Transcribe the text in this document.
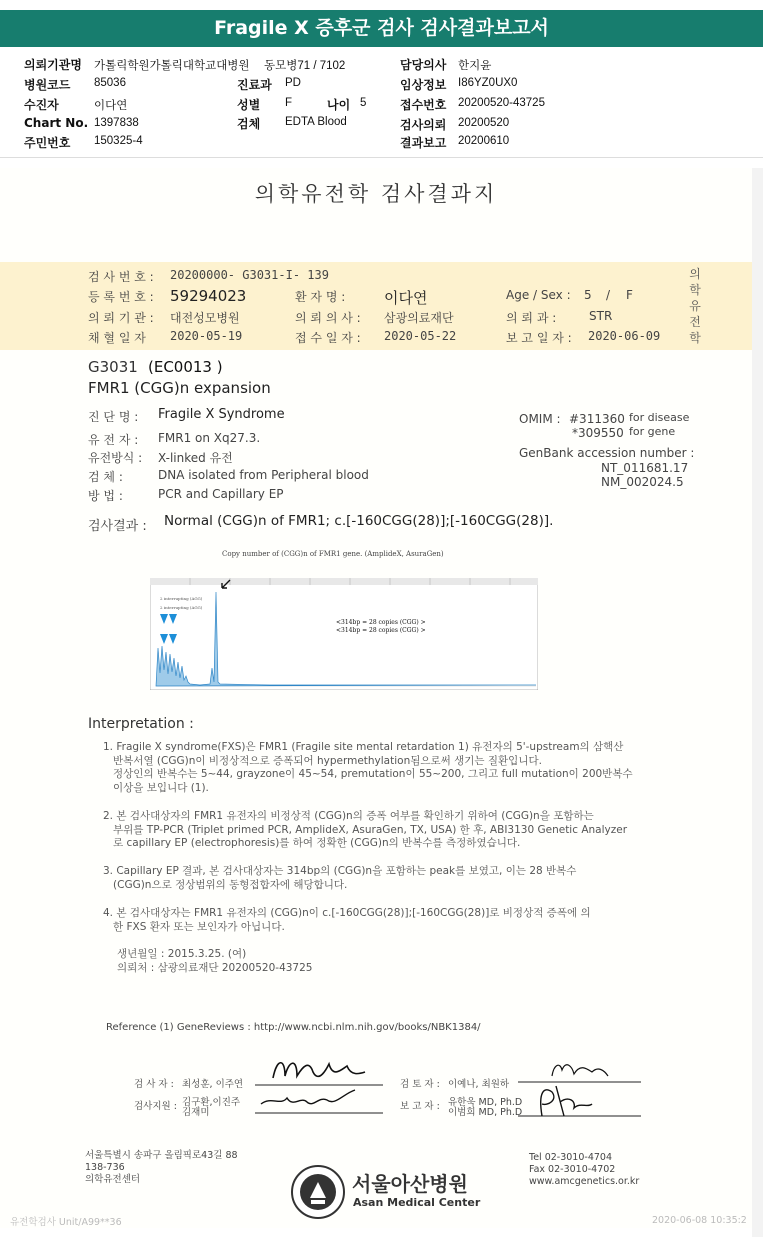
Fragile X 증후군 검사 검사결과보고서
의뢰기관명 가톨릭학원가톨릭대학교대병원 동모병71 / 7102	담당의사 한지윤
병원코드 85036	진료과 PD	임상정보 I86YZ0UX0
수진자	이다연	성별 F	나이 5	접수번호 20200520-43725
Chart No. 1397838	검체 EDTA Blood	검사의뢰 20200520
주민번호 150325-4	결과보고 20200610
의학유전학 검사결과지
검 사 번 호 : 20200000- G3031-I- 139
등 록 번 호 : 59294023	환 자 명 :	이다연	Age / Sex : 5 / F
의 뢰 기 관 : 대전성모병원	의 뢰 의 사 : 삼광의료재단	의 뢰 과 :	STR
채 혈 일 자 2020-05-19	접 수 일 자 : 2020-05-22	보 고 일 자 : 2020-06-09
의
학
유
전
학
G3031 (EC0013 )
FMR1 (CGG)n expansion
진 단 명 : Fragile X Syndrome
유 전 자 : FMR1 on Xq27.3.
유전방식 : X-linked 유전
검 체 :	DNA isolated from Peripheral blood
방 법 :	PCR and Capillary EP
OMIM : #311360 for disease
*309550 for gene
GenBank accession number :
NT_011681.17
NM_002024.5
검사결과 : Normal (CGG)n of FMR1; c.[-160CGG(28)];[-160CGG(28)].
Copy number of (CGG)n of FMR1 gene. (AmplideX, AsuraGen)
2 interrupting (AGG)
2 interrupting (AGG)
<314bp = 28 copies (CGG) >
<314bp = 28 copies (CGG) >
Interpretation :
1. Fragile X syndrome(FXS)은 FMR1 (Fragile site mental retardation 1) 유전자의 5'-upstream의 삼핵산
반복서열 (CGG)n이 비정상적으로 증폭되어 hypermethylation됨으로써 생기는 질환입니다.
정상인의 반복수는 5~44, grayzone이 45~54, premutation이 55~200, 그리고 full mutation이 200반복수
이상을 보입니다 (1).
2. 본 검사대상자의 FMR1 유전자의 비정상적 (CGG)n의 증폭 여부를 확인하기 위하여 (CGG)n을 포함하는
부위를 TP-PCR (Triplet primed PCR, AmplideX, AsuraGen, TX, USA) 한 후, ABI3130 Genetic Analyzer
로 capillary EP (electrophoresis)를 하여 정확한 (CGG)n의 반복수를 측정하였습니다.
3. Capillary EP 결과, 본 검사대상자는 314bp의 (CGG)n을 포함하는 peak를 보였고, 이는 28 반복수
(CGG)n으로 정상범위의 동형접합자에 해당합니다.
4. 본 검사대상자는 FMR1 유전자의 (CGG)n이 c.[-160CGG(28)];[-160CGG(28)]로 비정상적 증폭에 의
한 FXS 환자 또는 보인자가 아닙니다.
생년월일 : 2015.3.25. (여)
의뢰처 : 삼광의료재단 20200520-43725
Reference (1) GeneReviews : http://www.ncbi.nlm.nih.gov/books/NBK1384/
검 사 자 : 최성훈, 이주연
검사지원 : 김구환,이진주
김재미
검 토 자 : 이예나, 최원하
보 고 자 : 유한욱 MD, Ph.D
이범희 MD, Ph.D
서울특별시 송파구 올림픽로43길 88
138-736
의학유전센터
Tel 02-3010-4704
Fax 02-3010-4702
www.amcgenetics.or.kr
서울아산병원
Asan Medical Center
유전학검사 Unit/A99**36	2020-06-08 10:35:2
